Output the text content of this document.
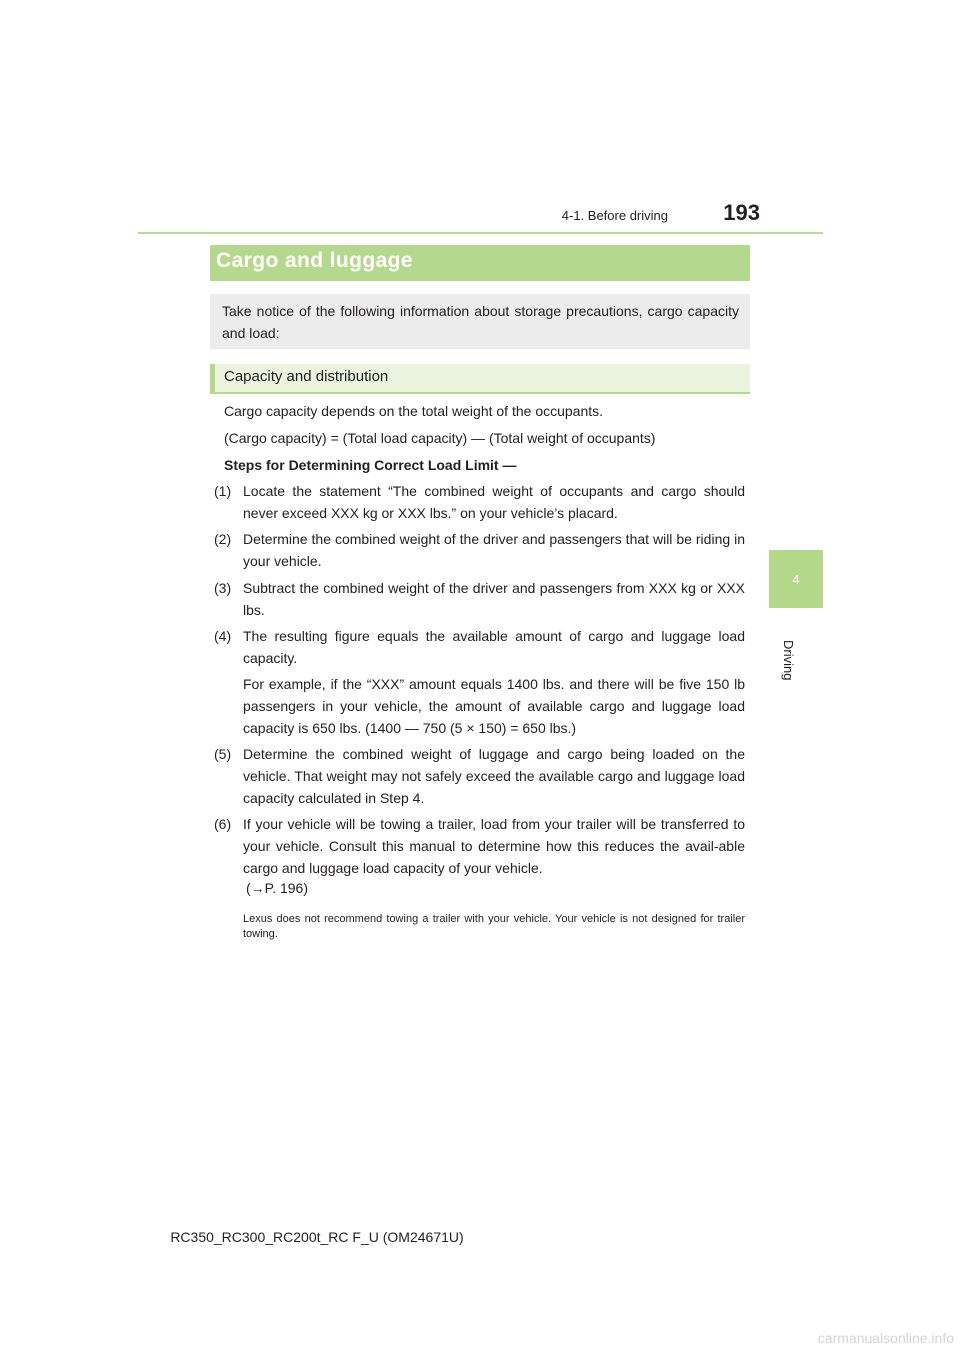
4-1. Before driving	193
4
Driving
Cargo and luggage
Take notice of the following information about storage precautions, cargo capacity and load:
Capacity and distribution
Cargo capacity depends on the total weight of the occupants.
(Cargo capacity) = (Total load capacity) — (Total weight of occupants)
Steps for Determining Correct Load Limit —
(1) Locate the statement “The combined weight of occupants and cargo should never exceed XXX kg or XXX lbs.” on your vehicle’s placard.
(2) Determine the combined weight of the driver and passengers that will be riding in your vehicle.
(3) Subtract the combined weight of the driver and passengers from XXX kg or XXX lbs.
(4) The resulting figure equals the available amount of cargo and luggage load capacity.
For example, if the “XXX” amount equals 1400 lbs. and there will be five 150 lb passengers in your vehicle, the amount of available cargo and luggage load capacity is 650 lbs. (1400 — 750 (5 × 150) = 650 lbs.)
(5) Determine the combined weight of luggage and cargo being loaded on the vehicle. That weight may not safely exceed the available cargo and luggage load capacity calculated in Step 4.
(6) If your vehicle will be towing a trailer, load from your trailer will be transferred to your vehicle. Consult this manual to determine how this reduces the avail-able cargo and luggage load capacity of your vehicle.
(→P. 196)
Lexus does not recommend towing a trailer with your vehicle. Your vehicle is not designed for trailer towing.
RC350_RC300_RC200t_RC F_U (OM24671U)
carmanualsonline.info
